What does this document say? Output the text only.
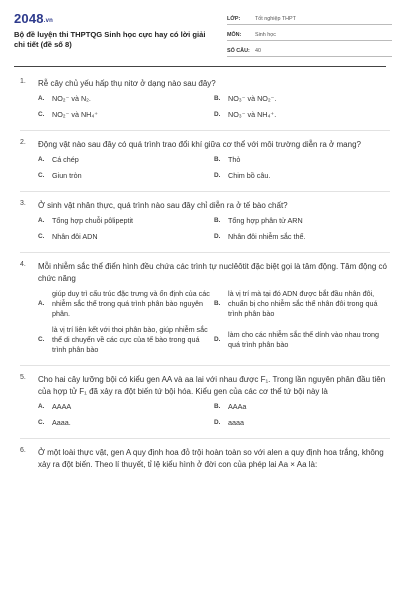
2048.vn
Bộ đề luyện thi THPTQG Sinh học cực hay có lời giải chi tiết (đề số 8)
LỚP:	Tốt nghiệp THPT
MÔN:	Sinh học
SỐ CÂU: 40
1. Rễ cây chủ yếu hấp thụ nitơ ở dạng nào sau đây?
A.	NO₂⁻ và N₂.	B.	NO₃⁻ và NO₂⁻.
C.	NO₂⁻ và NH₄⁺	D.	NO₃⁻ và NH₄⁺.
2. Động vật nào sau đây có quá trình trao đổi khí giữa cơ thể với môi trường diễn ra ở mang?
A.	Cá chép	B.	Thỏ
C.	Giun tròn	D.	Chim bồ câu.
3. Ở sinh vật nhân thực, quá trình nào sau đây chỉ diễn ra ở tế bào chất?
A.	Tổng hợp chuỗi pôlipeptit	B.	Tổng hợp phân tử ARN
C.	Nhân đôi ADN	D.	Nhân đôi nhiễm sắc thể.
4. Mỗi nhiễm sắc thể điển hình đều chứa các trình tự nuclêôtit đặc biệt gọi là tâm động. Tâm động có chức năng
A.
giúp duy trì cấu trúc đặc trưng và ổn định của các nhiễm sắc thể trong quá trình phân bào nguyên phân.
B.
là vị trí mà tại đó ADN được bắt đầu nhân đôi, chuẩn bị cho nhiễm sắc thể nhân đôi trong quá trình phân bào
C.
là vị trí liên kết với thoi phân bào, giúp nhiễm sắc thể di chuyển về các cực của tế bào trong quá trình phân bào
D.
làm cho các nhiễm sắc thể dính vào nhau trong quá trình phân bào
5. Cho hai cây lưỡng bội có kiểu gen AA và aa lai với nhau được F₁. Trong lần nguyên phân đầu tiên của hợp tử F₁ đã xảy ra đột biến tứ bội hóa. Kiểu gen của các cơ thể tứ bội này là
A.	AAAA	B.	AAAa
C.	Aaaa.	D.	aaaa
6. Ở một loài thực vật, gen A quy định hoa đỏ trội hoàn toàn so với alen a quy định hoa trắng, không xảy ra đột biến. Theo lí thuyết, tỉ lệ kiểu hình ở đời con của phép lai Aa × Aa là:
